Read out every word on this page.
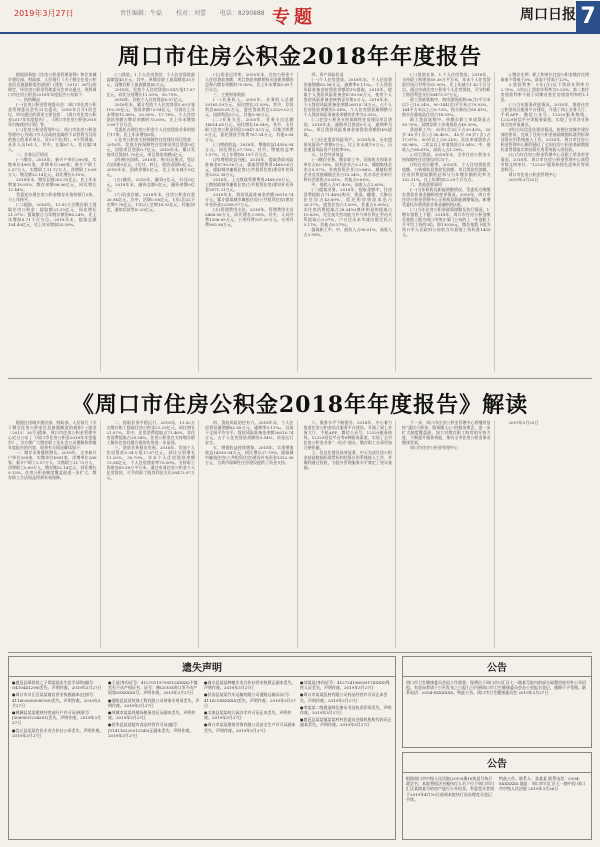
2019年3月27日	责任编辑：牛磊 校对：刘蕾 电话：8290888 专题	周口日报 7
周口市住房公积金2018年年度报告

根据国务院《住房公积金管理条例》和住房城乡建设部、财政部、人民银行《关于健全住房公积金信息披露制度的通知》(建金〔2015〕26号)的规定，经住房公积金管理委员会审议通过，现将周口市住房公积金2018年年度报告公布如下：

一、机构概况

(一)住房公积金管理委员会：周口市住房公积金管理委员会有31名委员，2018年召开1次会议，审议通过的事项主要包括：《周口市住房公积金2017年年度报告》、《周口市住房公积金2018年归集使用计划》等。

(二)住房公积金管理中心：周口市住房公积金管理中心为周口市人民政府直属的不以营利为目的的独立的事业单位，设13个处(科)，9个管理部。从业人员161人，其中，在编87人，非在编74人。

二、业务运行情况

(一)缴存。2018年，新开户单位390家，实缴单位4981家，净增单位266家；新开户职工2.57万人，实缴职工31.72万人，净增职工0.69万人；缴存额32.14亿元，同比增长9.15%。

2018年末，缴存总额202.55亿元，比上年末增加18.83%；缴存余额98.06亿元，同比增长12.44%。

受委托办理住房公积金缴存业务的银行5家，与上年持平。

(二)提取。2018年，13.92万名缴存职工提取住房公积金；提取额21.29亿元，同比增长21.07%；提取额占当年缴存额的66.24%，比上年增加6.71个百分点。2018年末，提取总额104.49亿元，比上年末增加25.59%。

(三)贷款。1.个人住房贷款：个人住房贷款最高额度45万元，其中，单缴存职工最高额度35万元，双缴存职工最高额度45万元。

2018年，发放个人住房贷款0.54万笔17.67亿元，同比分别增长11.20%、30.79%。

2018年，回收个人住房贷款6.57亿元。

2018年末，累计发放个人住房贷款5.09万笔102.39亿元，贷款余额73.54亿元，分别比上年末增加11.88%、20.85%、17.78%。个人住房贷款余额占缴存余额的75.00%，比上年末增加3.69个百分点。

受委托办理住房公积金个人住房贷款业务的银行17家，比上年末增加3家。

2.住房公积金支持保障性住房建设项目贷款：2018年，发放支持保障性住房建设项目贷款0亿元，回收项目贷款0.7亿元。2018年末，累计发放项目贷款1.70亿元，项目贷款余额0亿元。

(四)购买国债。2018年，购买(记账式、凭证式)国债0亿元，(兑付、转让、收回)国债0亿元。2018年末，国债余额0亿元，比上年末减少0亿元。

(五)融资。2018年，融资0亿元，归还0亿元。2018年末，融资总额0亿元，融资余额0亿元。

(六)资金存储。2018年末，住房公积金存款26.94亿元。其中，活期0.06亿元，1年(含)以下定期7.76亿元，1年以上定期18.92亿元，其他(协定、通知存款等)0.20亿元。

(七)资金运用率。2018年末，住房公积金个人住房贷款余额、项目贷款余额和购买国债余额的总和占缴存余额的75.00%，比上年末增加3.69个百分点。

三、主要财务数据

(一)业务收入。2018年，业务收入总额29165.59万元，同比增长21.59%。其中，存款利息6635.61万元，委托贷款利息22529.02万元，国债利息0万元，其他0.96万元。

(二)业务支出。2018年，业务支出总额14614.65万元，同比增长16.04%。其中，支付职工住房公积金利息13847.53万元，归集手续费0万元，委托贷款手续费767.04万元，其他0.08万元。

(三)增值收益。2018年，增值收益14550.94万元，同比增长27.70%。其中，增值收益率1.57%，比上年增加0.18个百分点。

(四)增值收益分配。2018年，提取贷款风险准备金8730.56万元，提取管理费用2468.00万元，提取城市廉租住房(公共租赁住房)建设补充资金3352.38万元。

2018年，上交财政管理费用2468.00万元。上缴财政城市廉租住房(公共租赁住房)建设补充资金2871.21万元。

2018年末，贷款风险准备金余额26010.74万元。累计提取城市廉租住房(公共租赁住房)建设补充资金22958.97万元。

(五)管理费用支出。2018年，管理费用支出2468.00万元，同比增长3.95%。其中，人员经费1306.65万元，公用经费197.39万元，专项经费963.96万元。

四、资产风险状况

(一)个人住房贷款。2018年末，个人住房贷款逾期额82.58万元，逾期率0.11‰。个人贷款风险准备金按贷款余额的1%提取。2018年，提取个人贷款风险准备金8730.56万元，使用个人贷款风险准备金核销呆坏账0万元。2018年末，个人贷款风险准备金余额26010.74万元，占个人住房贷款余额的3.54%，个人住房贷款逾期额与个人贷款风险准备金余额的比率为0.32%。

(二)住房公积金支持保障性住房建设项目贷款。2018年末，逾期项目贷款0万元，逾期率为0‰。项目贷款风险准备金按贷款余额的4%提取。

(三)历史遗留风险资产。2018年末，历史遗留风险资产余额0万元，比上年末减少0万元，历史遗留风险资产回收率0%。

五、社会经济效益

(一)缴存业务。缴存职工中，国家机关和事业单位占63.76%，国有企业占9.21%，城镇集体企业占0.57%，外商投资企业占0.86%，城镇私营企业及其他城镇企业占15.34%，民办非企业单位和社会团体占0.61%，其他占9.65%。

中、低收入占97.40%，高收入占2.60%。

(二)提取业务。2018年，提取金额中，住房消费提取占71.46%(购买、建造、翻建、大修自住住房占43.89%，偿还购房贷款本息占26.57%，租赁住房占1.00%，其他占0.00%)；非住房消费提取占28.54%(离休和退休提取占19.63%，完全丧失劳动能力并与单位终止劳动关系提取占0.37%，户口迁出本市或出境定居占0.17%，其他占8.37%)。

提取职工中，中、低收入占96.01%，高收入占3.99%。

(三)贷款业务。1.个人住房贷款。2018年，支持职工购建房69.38万平方米，年末个人住房贷款市场占有率为31.00%，比上年减少1.42个百分点。通过申请住房公积金个人住房贷款，可节约职工购房利息支出38473.97万元。

职工贷款笔数中，购房建筑面积90(含)平方米以下占10.34%，90-144(含)平方米占79.93%，144平方米以上占9.73%。购买新房占85.41%，购买存量商品住房占14.59%。

职工贷款笔数中，单缴存职工申请贷款占50.70%，双缴存职工申请贷款占49.30%。

贷款职工中，30岁(含)以下占39.43%，30岁-40岁(含)占36.46%，40岁-50岁(含)占17.87%，50岁以上占6.24%；首次申请贷款占94.96%，二次及以上申请贷款占5.04%；中、低收入占98.61%，高收入占1.39%。

2.项目贷款。2018年末，全市住房公积金支持保障性住房建设项目1个。

(四)住房贡献率。2018年，个人住房贷款发放额、公转商贴息贷款发放额、项目贷款发放额、住房消费提取额的总和与当年缴存额的比率为102.31%，比上年增加12.29个百分点。

六、其他重要事项

(一)当年机构及职能调整情况、受委托办理缴存贷款业务金融机构变更情况。2018年，周口市住房公积金管理中心无机构及职能调整情况。新增受委托办理贷款业务金融机构3家。

(二)当年住房公积金政策调整及执行情况。1.缴存基数上下限：2018年，周口市住房公积金缴存基数上限为周口市统计部门公布的上一年度职工月平均工资的3倍，即13926元，缴存基数下限为周口市人民政府公布的当年最低工资标准1450元。

2.缴存比例：职工和单位住房公积金缴存比例最低不得低于5%，最高不得高于12%。

3.贷款利率：5年(含)以下贷款年利率为2.75%，5年以上贷款年利率为3.25%；第二套住房贷款利率不低于同期首套住房贷款利率的1.1倍。

(三)当年服务改进情况。2018年，推进住房公积金综合服务平台建设，开通了网上业务大厅、手机APP、微信公众号、12329服务热线、12329短信平台等服务渠道，实现了全市各业务网点的业务通办。

(四)当年信息化建设情况。按照住房城乡建设部的要求，完成了住房公积金基础数据标准贯标和结算应用系统接入工作。2018年，周口市住房公积金管理中心顺利通过了全国住房公积金基础数据标准贯彻落实和结算应用系统接入的验收。

(五)当年住房公积金管理中心及职工所获荣誉情况。2018年，周口市住房公积金管理中心获得市级文明单位、“12329”服务热线先进单位等荣誉称号。

周口市住房公积金管理中心

2019年3月25日

《周口市住房公积金2018年年度报告》解读

根据住房城乡建设部、财政部、人民银行《关于健全住房公积金信息披露制度的通知》(建金〔2015〕26号)精神，周口市住房公积金管理中心近日公布了《周口市住房公积金2018年年度报告》。为方便广大缴存职工及社会公众理解和掌握年度报告的内容，现将有关情况解读如下：

一、缴存业务继续增长。2018年，全市新开户单位390家，实缴单位4981家，净增单位266家；新开户职工2.57万人，实缴职工31.72万人，净增职工0.69万人。缴存额32.14亿元，同比增长9.15%。住房公积金制度覆盖面进一步扩大，缴存职工合法权益得到有效保障。

二、提取业务平稳运行。2018年，13.92万名缴存职工提取住房公积金21.29亿元，同比增长21.07%。其中，住房消费提取占71.46%，非住房消费提取占28.54%。住房公积金在支持缴存职工解决住房问题方面的作用进一步显现。

三、贷款业务稳步发展。2018年，发放个人住房贷款0.54万笔17.67亿元，同比分别增长11.20%、30.79%。年末个人住房贷款余额73.54亿元，个人住房贷款率75.00%。支持职工购建房69.38万平方米，通过申请住房公积金个人住房贷款，可节约职工购房利息支出38473.97万元。

四、贷款风险防控有力。2018年末，个人住房贷款逾期额82.58万元，逾期率0.11‰，远低于全国平均水平。贷款风险准备金余额26010.74万元，占个人住房贷款余额的3.54%，资金运行安全。

五、增值收益持续增加。2018年，实现增值收益14550.94万元，同比增长27.70%。提取城市廉租住房(公共租赁住房)建设补充资金3352.38万元，为我市保障性住房建设提供了资金支持。

六、服务水平不断提升。2018年，中心着力推进住房公积金综合服务平台建设，开通了网上业务大厅、手机APP、微信公众号、12329服务热线、12329短信平台等8种服务渠道，实现了全市住房公积金业务“一站式”通办，缴存职工办事更加方便快捷。

七、信息化建设成效显著。中心完成住房公积金基础数据标准贯标和结算应用系统接入工作，并顺利通过验收，为提升管理服务水平奠定了坚实基础。

下一步，周口市住房公积金管理中心将继续坚持“惠民公积金、服务暖人心”的服务理念，进一步扩大制度覆盖面，加大对缴存职工购房的支持力度，不断提升服务效能，推动全市住房公积金事业健康发展。

周口市住房公积金管理中心

2019年3月25日

遗失声明

●鹿邑县郑伯祥之子郑某某出生医学证明(编号：O410441298)丢失，声明作废。2019年3月27日

●周口市川汇区某某商店营业执照副本(注册号：411602600098765)丢失，声明作废。2019年3月27日

●郸城县某某建材经营部开户许可证(核准号：J5089001234501)丢失，声明作废。2019年3月27日

●沈丘县某某农民专业合作社公章丢失，声明作废。2019年3月27日

●王某(身份证号：41270119790512XXXX)不慎丢失不动产权证书，证号：豫(2018)周口市不动产权第00XXXXX号，声明作废。2019年3月27日

●淮阳县某某装饰工程有限公司财务专用章丢失，声明作废。2019年3月27日

●项城市某某养殖场税务登记证副本丢失，声明作废。2019年3月27日

●西华县某某超市食品经营许可证(编号：JY14116220012345)正副本丢失，声明作废。2019年3月27日

●商水县某某种植专业合作社营业执照正副本丢失，声明作废。2019年3月27日

●扶沟县某某汽车运输有限公司道路运输证(证号：411621XXXXXX)丢失，声明作废。2019年3月27日

●太康县某某幼儿园办学许可证正本丢失，声明作废。2019年3月27日

●周口市某某建筑劳务有限公司安全生产许可证副本丢失，声明作废。2019年3月27日

●刘某某(身份证号：41272419850917XXXX)残疾人证丢失，声明作废。2019年3月27日

●周口市某某医药有限公司药品经营许可证正本丢失，声明作废。2019年3月27日

●李某某二级建造师注册证书及执业印章丢失，声明作废。2019年3月27日

●鹿邑县某某镇某某村村民委员会组织机构代码证正副本丢失，声明作废。2019年3月27日

公告
周口市卫生健康委员会因工作需要，现将位于周口市川汇区七一路某号院内的部分闲置房屋对外公开招租。有意向者请于公告发布之日起七日内到周口市卫生健康委员会办公室报名登记，逾期不予受理。联系电话：0394-8XXXXXX。特此公告。周口市卫生健康委员会 2019年3月27日
公告
根据周口市中级人民法院(2019)豫16执某号执行裁定书，本院将依法对被执行人名下位于周口市川汇区某路某号的房产进行公开拍卖。有意竞买者请于2019年4月10日前到本院执行局办理竞买登记手续。
特此公告。联系人：张某某 联系电话：0394-8XXXXXX 地址：周口市川汇区七一路中段 周口市中级人民法院 2019年3月26日
